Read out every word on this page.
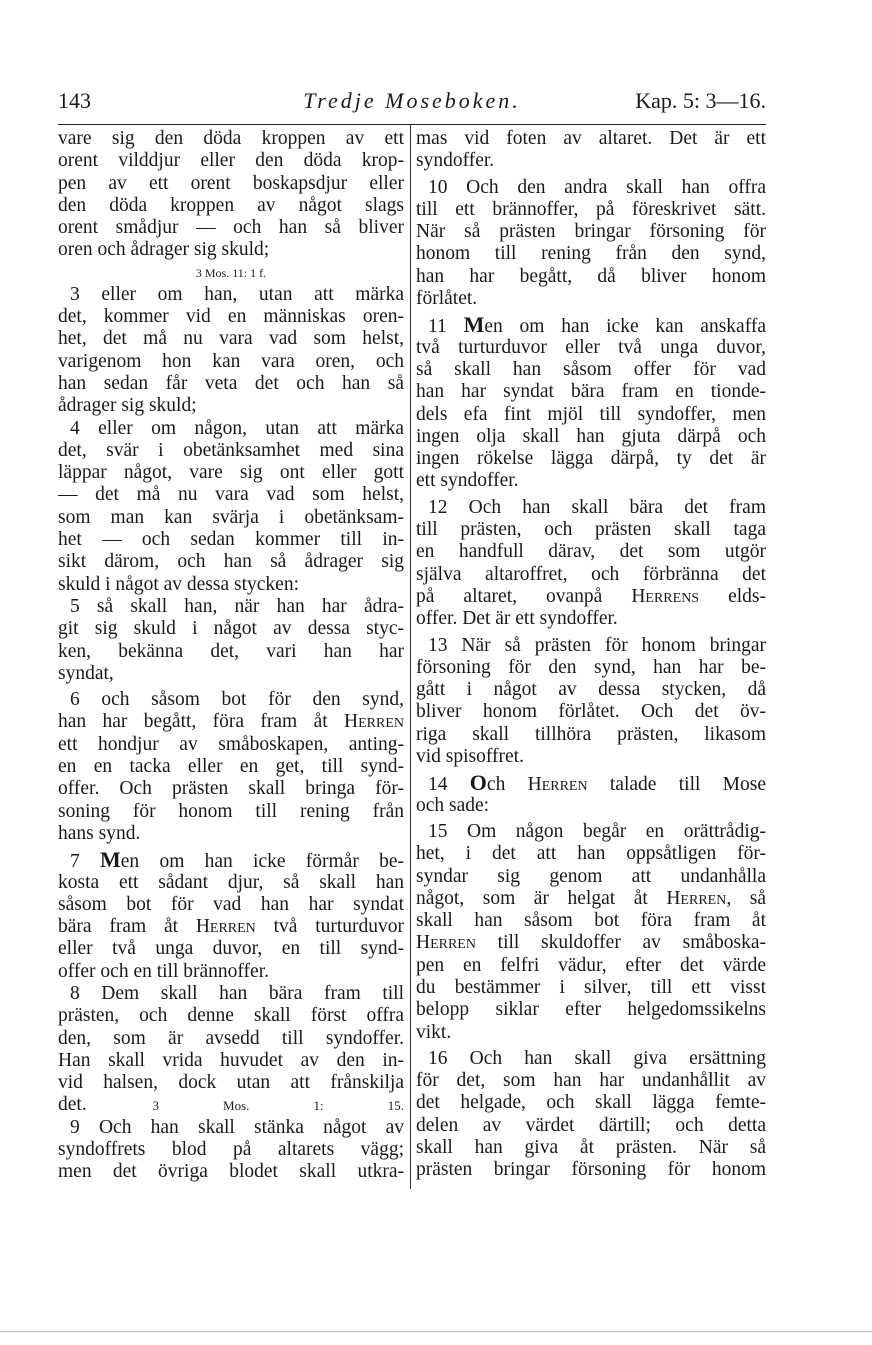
143	Tredje Moseboken.	Kap. 5: 3—16.
vare sig den döda kroppen av ett
orent vilddjur eller den döda krop-
pen av ett orent boskapsdjur eller
den döda kroppen av något slags
orent smådjur — och han så bliver
oren och ådrager sig skuld;
3 Mos. 11: 1 f.
3 eller om han, utan att märka
det, kommer vid en människas oren-
het, det må nu vara vad som helst,
varigenom hon kan vara oren, och
han sedan får veta det och han så
ådrager sig skuld;
4 eller om någon, utan att märka
det, svär i obetänksamhet med sina
läppar något, vare sig ont eller gott
— det må nu vara vad som helst,
som man kan svärja i obetänksam-
het — och sedan kommer till in-
sikt därom, och han så ådrager sig
skuld i något av dessa stycken:
5 så skall han, när han har ådra-
git sig skuld i något av dessa styc-
ken, bekänna det, vari han har
syndat,
6 och såsom bot för den synd,
han har begått, föra fram åt Herren
ett hondjur av småboskapen, anting-
en en tacka eller en get, till synd-
offer. Och prästen skall bringa för-
soning för honom till rening från
hans synd.
7 Men om han icke förmår be-
kosta ett sådant djur, så skall han
såsom bot för vad han har syndat
bära fram åt Herren två turturduvor
eller två unga duvor, en till synd-
offer och en till brännoffer.
8 Dem skall han bära fram till
prästen, och denne skall först offra
den, som är avsedd till syndoffer.
Han skall vrida huvudet av den in-
vid halsen, dock utan att frånskilja
det.	3 Mos. 1: 15.
9 Och han skall stänka något av
syndoffrets blod på altarets vägg;
men det övriga blodet skall utkra-
mas vid foten av altaret. Det är ett
syndoffer.
10 Och den andra skall han offra
till ett brännoffer, på föreskrivet sätt.
När så prästen bringar försoning för
honom till rening från den synd,
han har begått, då bliver honom
förlåtet.
11 Men om han icke kan anskaffa
två turturduvor eller två unga duvor,
så skall han såsom offer för vad
han har syndat bära fram en tionde-
dels efa fint mjöl till syndoffer, men
ingen olja skall han gjuta därpå och
ingen rökelse lägga därpå, ty det är
ett syndoffer.
12 Och han skall bära det fram
till prästen, och prästen skall taga
en handfull därav, det som utgör
själva altaroffret, och förbränna det
på altaret, ovanpå Herrens elds-
offer. Det är ett syndoffer.
13 När så prästen för honom bringar
försoning för den synd, han har be-
gått i något av dessa stycken, då
bliver honom förlåtet. Och det öv-
riga skall tillhöra prästen, likasom
vid spisoffret.
14 Och Herren talade till Mose
och sade:
15 Om någon begår en orättrådig-
het, i det att han oppsåtligen för-
syndar sig genom att undanhålla
något, som är helgat åt Herren, så
skall han såsom bot föra fram åt
Herren till skuldoffer av småboska-
pen en felfri vädur, efter det värde
du bestämmer i silver, till ett visst
belopp siklar efter helgedomssikelns
vikt.
16 Och han skall giva ersättning
för det, som han har undanhållit av
det helgade, och skall lägga femte-
delen av värdet därtill; och detta
skall han giva åt prästen. När så
prästen bringar försoning för honom
